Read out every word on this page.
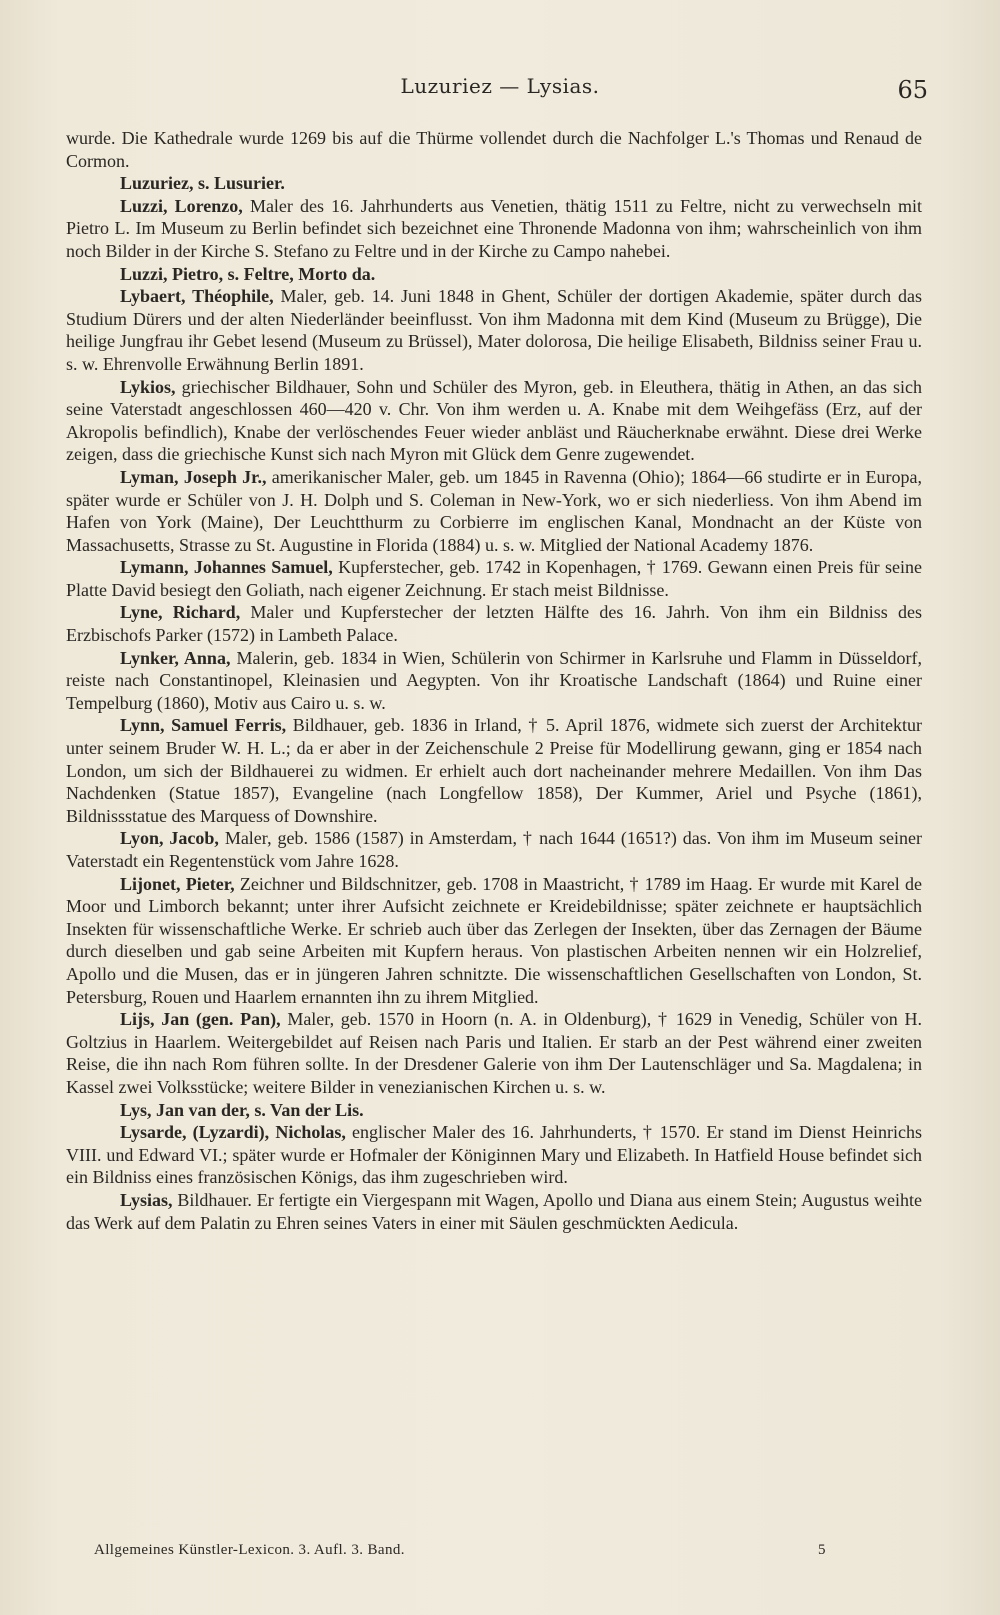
Luzuriez — Lysias.	65

wurde. Die Kathedrale wurde 1269 bis auf die Thürme vollendet durch die Nachfolger L.'s Thomas und Renaud de Cormon.

Luzuriez, s. Lusurier.

Luzzi, Lorenzo, Maler des 16. Jahrhunderts aus Venetien, thätig 1511 zu Feltre, nicht zu verwechseln mit Pietro L. Im Museum zu Berlin befindet sich bezeichnet eine Thronende Madonna von ihm; wahrscheinlich von ihm noch Bilder in der Kirche S. Stefano zu Feltre und in der Kirche zu Campo nahebei.

Luzzi, Pietro, s. Feltre, Morto da.

Lybaert, Théophile, Maler, geb. 14. Juni 1848 in Ghent, Schüler der dortigen Akademie, später durch das Studium Dürers und der alten Niederländer beeinflusst. Von ihm Madonna mit dem Kind (Museum zu Brügge), Die heilige Jungfrau ihr Gebet lesend (Museum zu Brüssel), Mater dolorosa, Die heilige Elisabeth, Bildniss seiner Frau u. s. w. Ehrenvolle Erwähnung Berlin 1891.

Lykios, griechischer Bildhauer, Sohn und Schüler des Myron, geb. in Eleuthera, thätig in Athen, an das sich seine Vaterstadt angeschlossen 460—420 v. Chr. Von ihm werden u. A. Knabe mit dem Weihgefäss (Erz, auf der Akropolis befindlich), Knabe der verlöschendes Feuer wieder anbläst und Räucherknabe erwähnt. Diese drei Werke zeigen, dass die griechische Kunst sich nach Myron mit Glück dem Genre zugewendet.

Lyman, Joseph Jr., amerikanischer Maler, geb. um 1845 in Ravenna (Ohio); 1864—66 studirte er in Europa, später wurde er Schüler von J. H. Dolph und S. Coleman in New-York, wo er sich niederliess. Von ihm Abend im Hafen von York (Maine), Der Leuchtthurm zu Corbierre im englischen Kanal, Mondnacht an der Küste von Massachusetts, Strasse zu St. Augustine in Florida (1884) u. s. w. Mitglied der National Academy 1876.

Lymann, Johannes Samuel, Kupferstecher, geb. 1742 in Kopenhagen, † 1769. Gewann einen Preis für seine Platte David besiegt den Goliath, nach eigener Zeichnung. Er stach meist Bildnisse.

Lyne, Richard, Maler und Kupferstecher der letzten Hälfte des 16. Jahrh. Von ihm ein Bildniss des Erzbischofs Parker (1572) in Lambeth Palace.

Lynker, Anna, Malerin, geb. 1834 in Wien, Schülerin von Schirmer in Karlsruhe und Flamm in Düsseldorf, reiste nach Constantinopel, Kleinasien und Aegypten. Von ihr Kroatische Landschaft (1864) und Ruine einer Tempelburg (1860), Motiv aus Cairo u. s. w.

Lynn, Samuel Ferris, Bildhauer, geb. 1836 in Irland, † 5. April 1876, widmete sich zuerst der Architektur unter seinem Bruder W. H. L.; da er aber in der Zeichenschule 2 Preise für Modellirung gewann, ging er 1854 nach London, um sich der Bildhauerei zu widmen. Er erhielt auch dort nacheinander mehrere Medaillen. Von ihm Das Nachdenken (Statue 1857), Evangeline (nach Longfellow 1858), Der Kummer, Ariel und Psyche (1861), Bildnissstatue des Marquess of Downshire.

Lyon, Jacob, Maler, geb. 1586 (1587) in Amsterdam, † nach 1644 (1651?) das. Von ihm im Museum seiner Vaterstadt ein Regentenstück vom Jahre 1628.

Lijonet, Pieter, Zeichner und Bildschnitzer, geb. 1708 in Maastricht, † 1789 im Haag. Er wurde mit Karel de Moor und Limborch bekannt; unter ihrer Aufsicht zeichnete er Kreidebildnisse; später zeichnete er hauptsächlich Insekten für wissenschaftliche Werke. Er schrieb auch über das Zerlegen der Insekten, über das Zernagen der Bäume durch dieselben und gab seine Arbeiten mit Kupfern heraus. Von plastischen Arbeiten nennen wir ein Holzrelief, Apollo und die Musen, das er in jüngeren Jahren schnitzte. Die wissenschaftlichen Gesellschaften von London, St. Petersburg, Rouen und Haarlem ernannten ihn zu ihrem Mitglied.

Lijs, Jan (gen. Pan), Maler, geb. 1570 in Hoorn (n. A. in Oldenburg), † 1629 in Venedig, Schüler von H. Goltzius in Haarlem. Weitergebildet auf Reisen nach Paris und Italien. Er starb an der Pest während einer zweiten Reise, die ihn nach Rom führen sollte. In der Dresdener Galerie von ihm Der Lautenschläger und Sa. Magdalena; in Kassel zwei Volksstücke; weitere Bilder in venezianischen Kirchen u. s. w.

Lys, Jan van der, s. Van der Lis.

Lysarde, (Lyzardi), Nicholas, englischer Maler des 16. Jahrhunderts, † 1570. Er stand im Dienst Heinrichs VIII. und Edward VI.; später wurde er Hofmaler der Königinnen Mary und Elizabeth. In Hatfield House befindet sich ein Bildniss eines französischen Königs, das ihm zugeschrieben wird.

Lysias, Bildhauer. Er fertigte ein Viergespann mit Wagen, Apollo und Diana aus einem Stein; Augustus weihte das Werk auf dem Palatin zu Ehren seines Vaters in einer mit Säulen geschmückten Aedicula.

Allgemeines Künstler-Lexicon. 3. Aufl. 3. Band.	5
